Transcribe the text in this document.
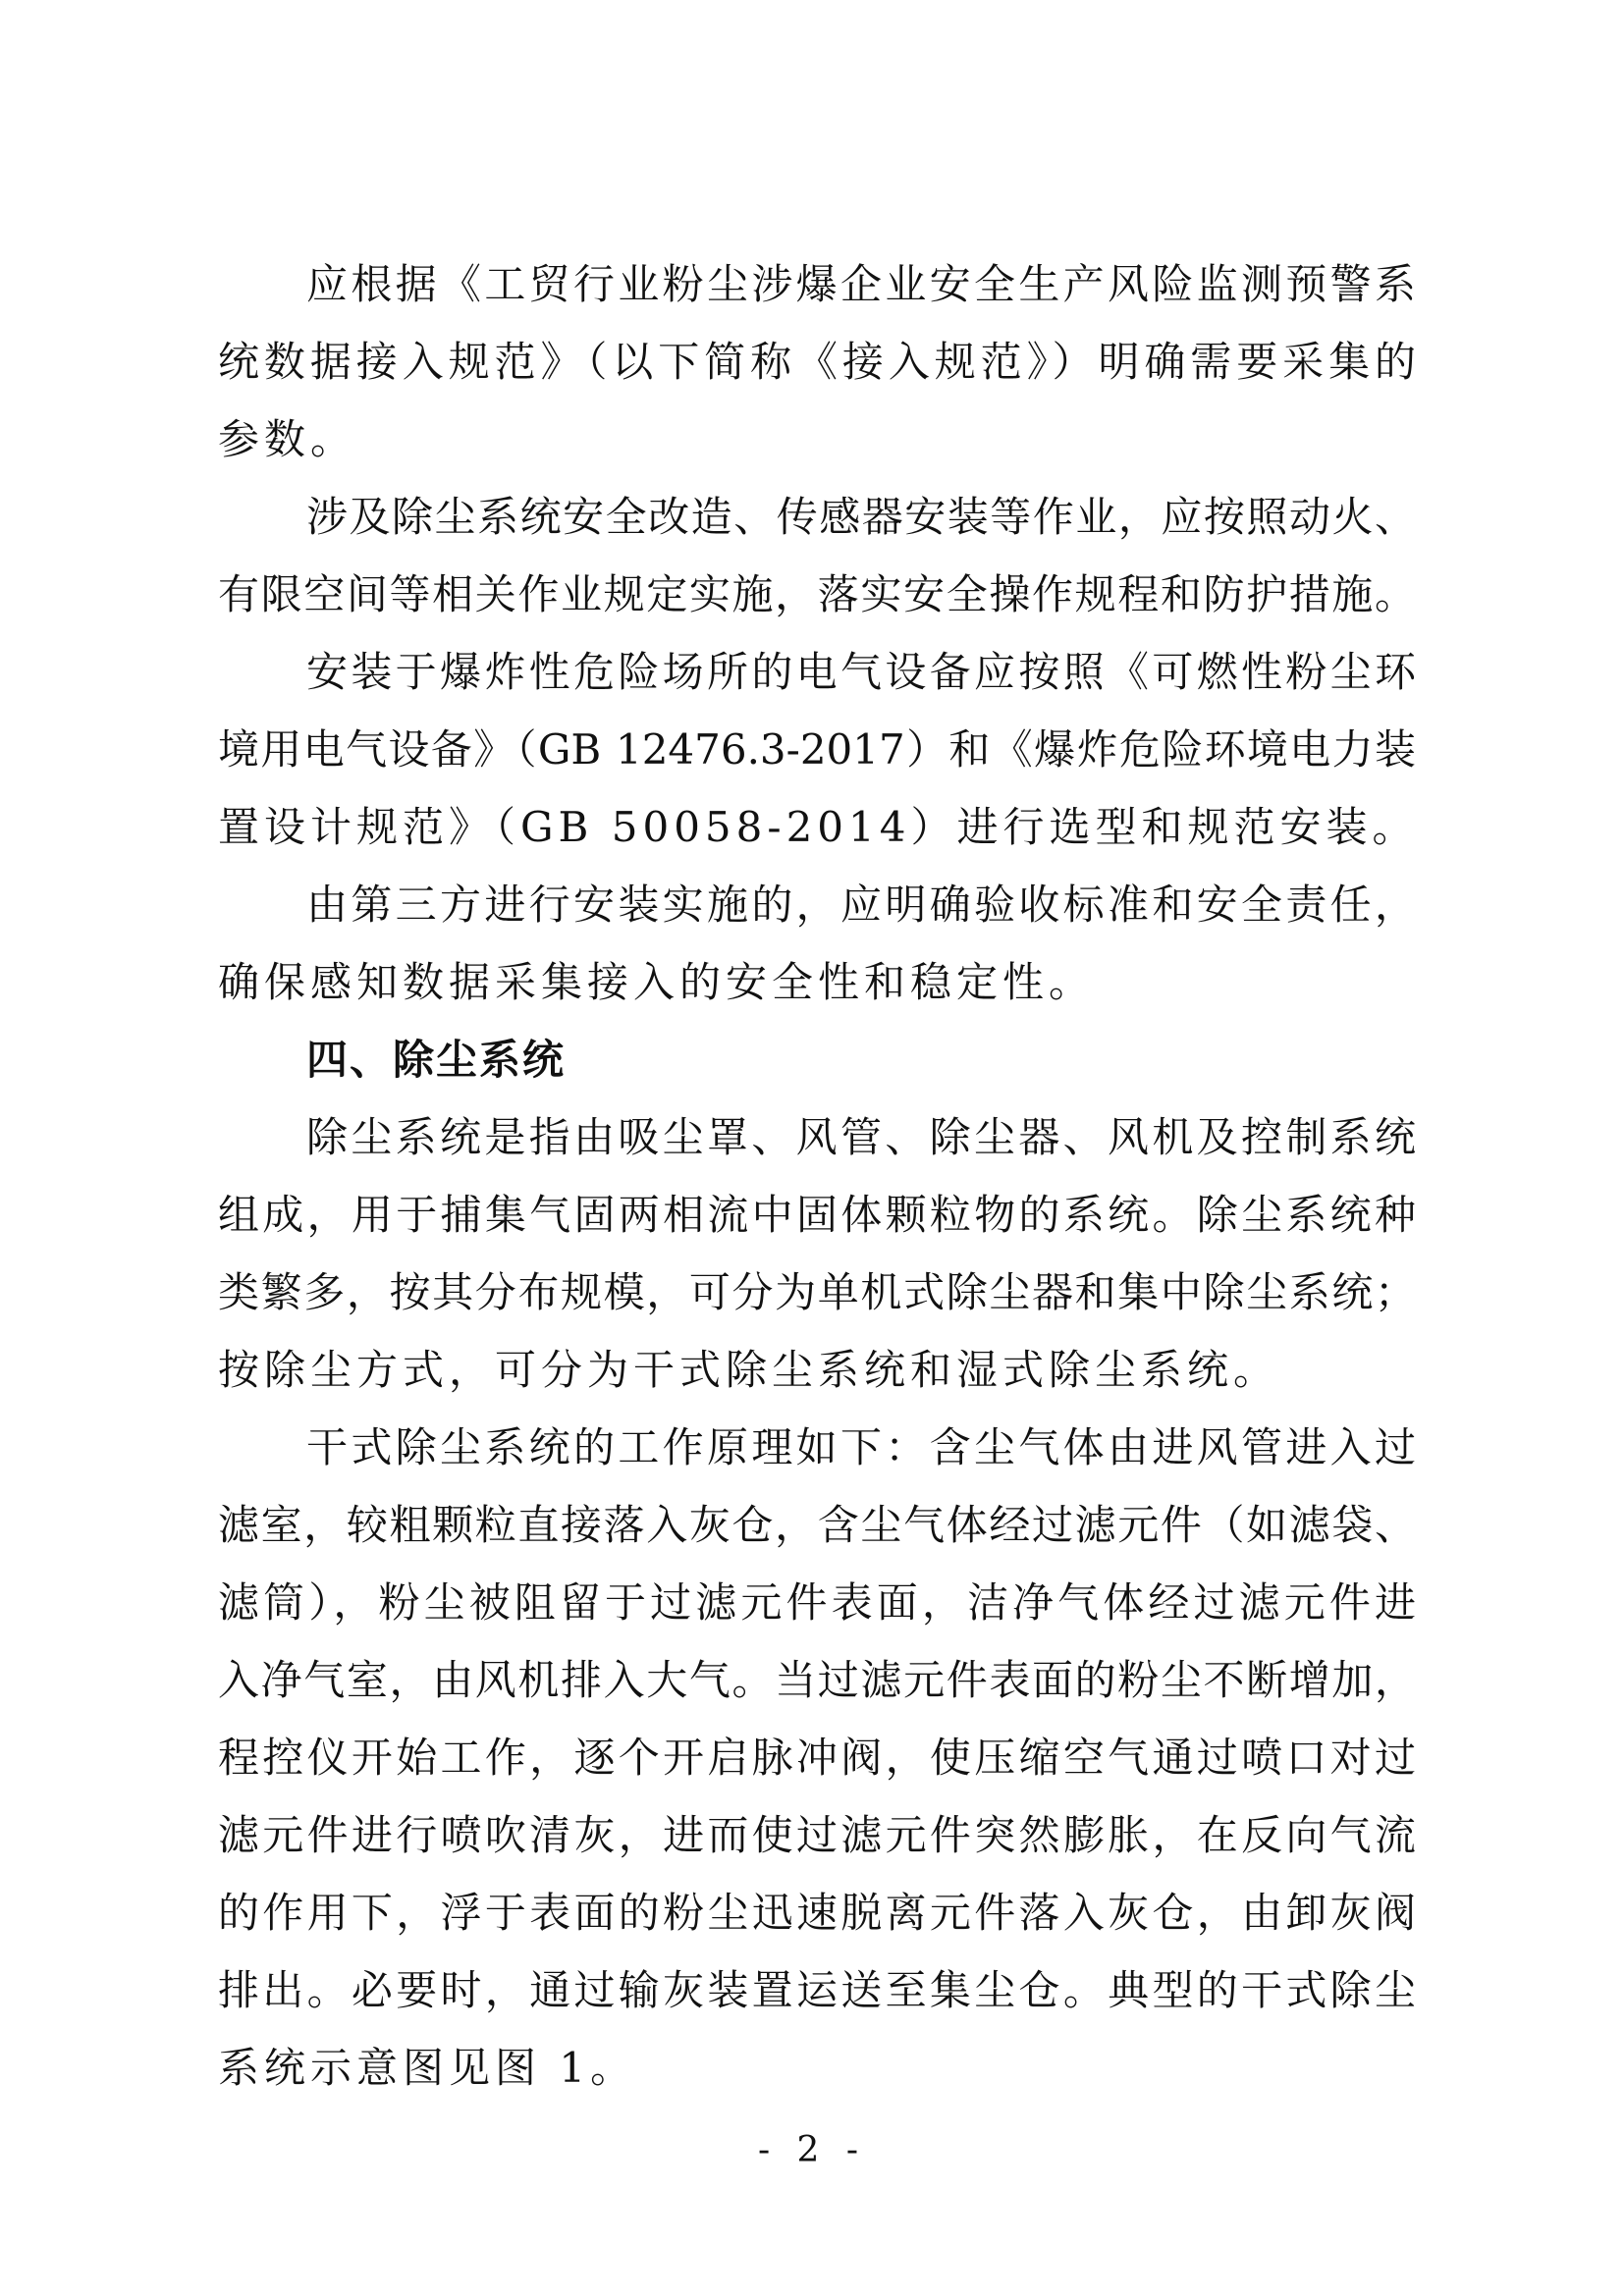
应根据《工贸行业粉尘涉爆企业安全生产风险监测预警系
统数据接入规范》（以下简称《接入规范》）明确需要采集的
参数。
涉及除尘系统安全改造、传感器安装等作业，应按照动火、
有限空间等相关作业规定实施，落实安全操作规程和防护措施。
安装于爆炸性危险场所的电气设备应按照《可燃性粉尘环
境用电气设备》（GB 12476.3-2017）和《爆炸危险环境电力装
置设计规范》（GB 50058-2014）进行选型和规范安装。
由第三方进行安装实施的，应明确验收标准和安全责任，
确保感知数据采集接入的安全性和稳定性。
四、除尘系统
除尘系统是指由吸尘罩、风管、除尘器、风机及控制系统
组成，用于捕集气固两相流中固体颗粒物的系统。除尘系统种
类繁多，按其分布规模，可分为单机式除尘器和集中除尘系统；
按除尘方式，可分为干式除尘系统和湿式除尘系统。
干式除尘系统的工作原理如下：含尘气体由进风管进入过
滤室，较粗颗粒直接落入灰仓，含尘气体经过滤元件（如滤袋、
滤筒），粉尘被阻留于过滤元件表面，洁净气体经过滤元件进
入净气室，由风机排入大气。当过滤元件表面的粉尘不断增加，
程控仪开始工作，逐个开启脉冲阀，使压缩空气通过喷口对过
滤元件进行喷吹清灰，进而使过滤元件突然膨胀，在反向气流
的作用下，浮于表面的粉尘迅速脱离元件落入灰仓，由卸灰阀
排出。必要时，通过输灰装置运送至集尘仓。典型的干式除尘
系统示意图见图 1。
- 2 -
